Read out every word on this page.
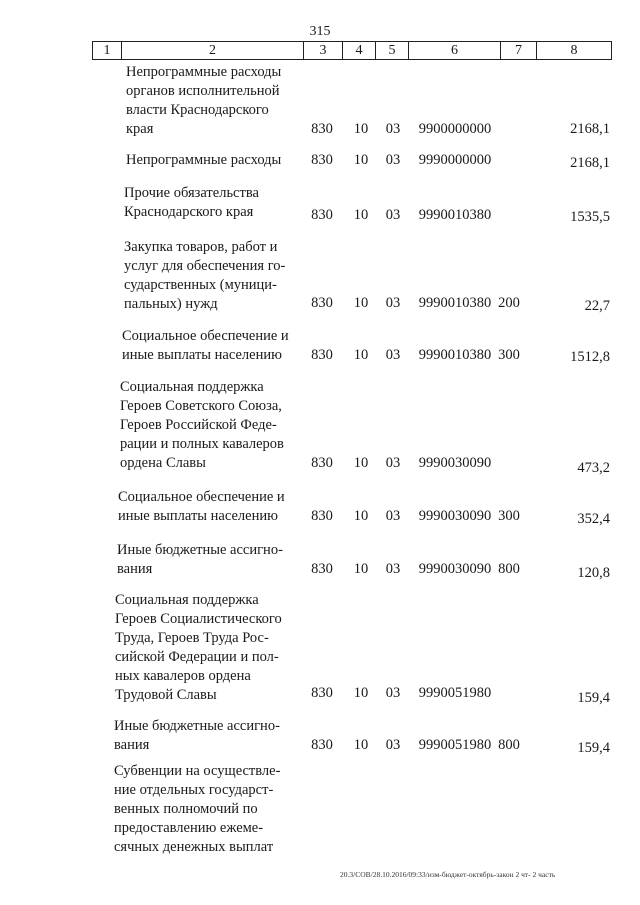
315
1	2	3	4	5	6	7	8
Непрограммные расходы
органов исполнительной
власти Краснодарского
края	830	10	03	9900000000	2168,1
Непрограммные расходы	830	10	03	9990000000	2168,1
Прочие обязательства
Краснодарского края	830	10	03	9990010380	1535,5
Закупка товаров, работ и
услуг для обеспечения го-
сударственных (муници-
пальных) нужд	830	10	03	9990010380 200	22,7
Социальное обеспечение и
иные выплаты населению	830	10	03	9990010380 300	1512,8
Социальная поддержка
Героев Советского Союза,
Героев Российской Феде-
рации и полных кавалеров
ордена Славы	830	10	03	9990030090	473,2
Социальное обеспечение и
иные выплаты населению	830	10	03	9990030090 300	352,4
Иные бюджетные ассигно-
вания	830	10	03	9990030090 800	120,8
Социальная поддержка
Героев Социалистического
Труда, Героев Труда Рос-
сийской Федерации и пол-
ных кавалеров ордена
Трудовой Славы	830	10	03	9990051980	159,4
Иные бюджетные ассигно-
вания	830	10	03	9990051980 800	159,4
Субвенции на осуществле-
ние отдельных государст-
венных полномочий по
предоставлению ежеме-
сячных денежных выплат
20.3/СОВ/28.10.2016/09:33/изм-бюджет-октябрь-закон 2 чт- 2 часть
